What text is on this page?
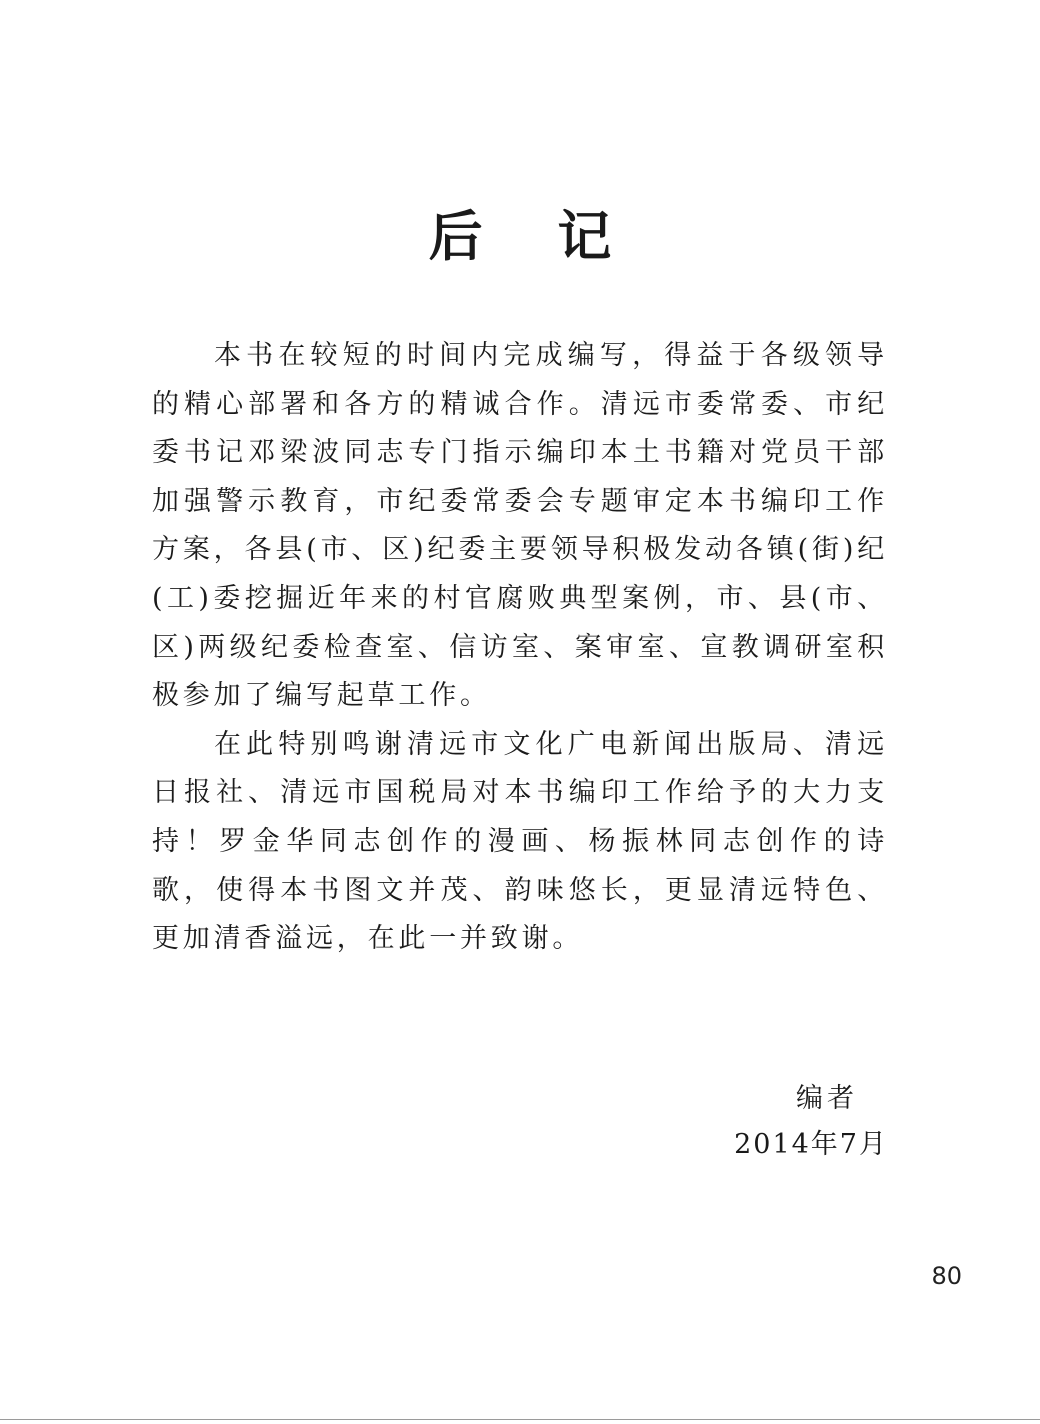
后 记

本书在较短的时间内完成编写，得益于各级领导的精心部署和各方的精诚合作。清远市委常委、市纪委书记邓梁波同志专门指示编印本土书籍对党员干部加强警示教育，市纪委常委会专题审定本书编印工作方案，各县(市、区)纪委主要领导积极发动各镇(街)纪(工)委挖掘近年来的村官腐败典型案例，市、县(市、区)两级纪委检查室、信访室、案审室、宣教调研室积极参加了编写起草工作。

在此特别鸣谢清远市文化广电新闻出版局、清远日报社、清远市国税局对本书编印工作给予的大力支持！罗金华同志创作的漫画、杨振林同志创作的诗歌，使得本书图文并茂、韵味悠长，更显清远特色、更加清香溢远，在此一并致谢。

编者
2014年7月
80
